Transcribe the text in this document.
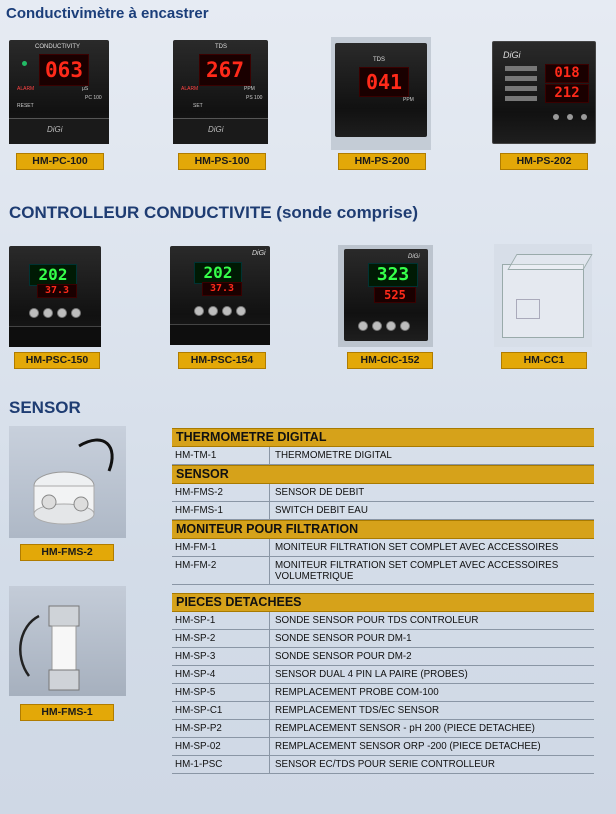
Conductivimètre à encastrer
CONDUCTIVITY
063
μS
PC 100
ALARM
RESET
DiGi
HM-PC-100
TDS
267
PPM
PS 100
ALARM
SET
DiGi
HM-PS-100
TDS
041
PPM
HM-PS-200
DiGi
018
212
HM-PS-202
CONTROLLEUR CONDUCTIVITE (sonde comprise)
202
37.3
HM-PSC-150
DiGi
202
37.3
HM-PSC-154
DiGi
323
525
HM-CIC-152	HM-CC1
SENSOR
HM-FMS-2
HM-FMS-1
THERMOMETRE DIGITAL
HM-TM-1	THERMOMETRE DIGITAL
SENSOR
HM-FMS-2	SENSOR DE DEBIT
HM-FMS-1	SWITCH DEBIT EAU
MONITEUR POUR FILTRATION
HM-FM-1	MONITEUR FILTRATION SET COMPLET AVEC ACCESSOIRES
HM-FM-2	MONITEUR FILTRATION SET COMPLET AVEC ACCESSOIRES VOLUMETRIQUE
PIECES DETACHEES
HM-SP-1	SONDE SENSOR POUR TDS CONTROLEUR
HM-SP-2	SONDE SENSOR POUR DM-1
HM-SP-3	SONDE SENSOR POUR DM-2
HM-SP-4	SENSOR DUAL 4 PIN LA PAIRE (PROBES)
HM-SP-5	REMPLACEMENT PROBE COM-100
HM-SP-C1	REMPLACEMENT TDS/EC SENSOR
HM-SP-P2	REMPLACEMENT SENSOR - pH 200 (PIECE DETACHEE)
HM-SP-02	REMPLACEMENT SENSOR ORP -200 (PIECE DETACHEE)
HM-1-PSC	SENSOR EC/TDS POUR SERIE CONTROLLEUR
